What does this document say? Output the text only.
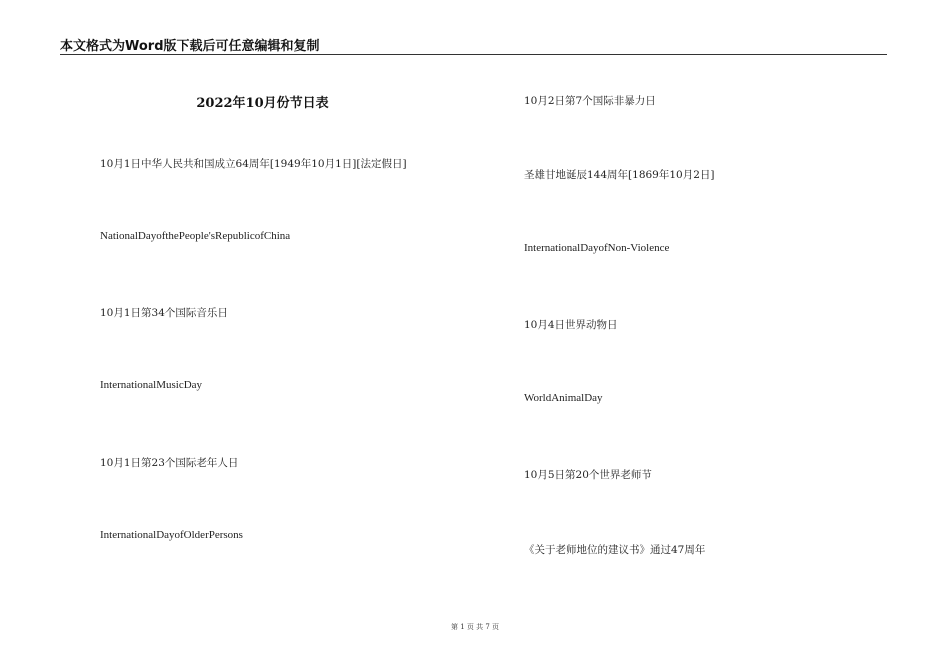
本文格式为Word版下载后可任意编辑和复制
2022年10月份节日表
10月1日中华人民共和国成立64周年[1949年10月1日][法定假日]
NationalDayofthePeople'sRepublicofChina
10月1日第34个国际音乐日
InternationalMusicDay
10月1日第23个国际老年人日
InternationalDayofOlderPersons
10月2日第7个国际非暴力日
圣雄甘地诞辰144周年[1869年10月2日]
InternationalDayofNon-Violence
10月4日世界动物日
WorldAnimalDay
10月5日第20个世界老师节
《关于老师地位的建议书》通过47周年
第 1 页 共 7 页
